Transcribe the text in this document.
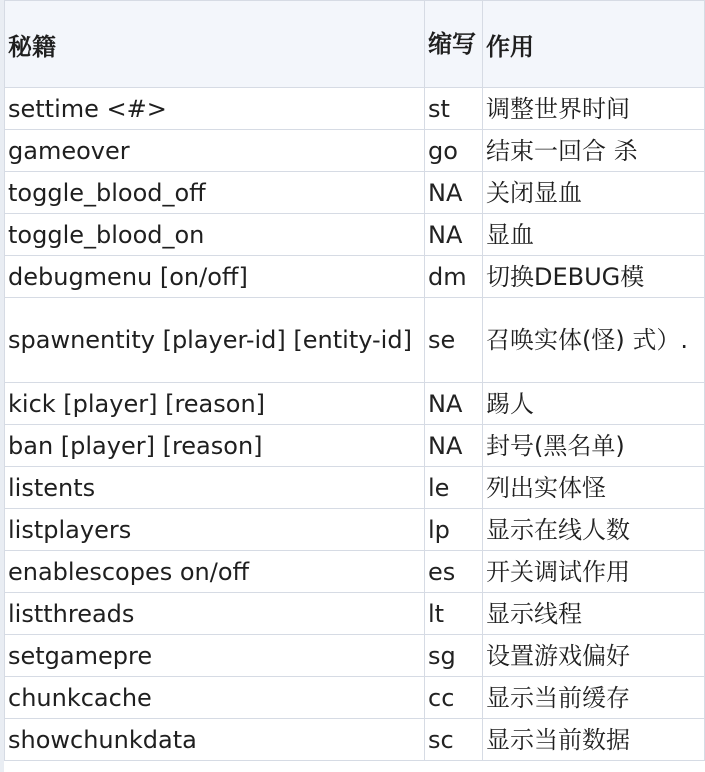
秘籍	缩写	作用
settime <#>	st	调整世界时间
gameover	go	结束一回合 杀
toggle_blood_off	NA	关闭显血
toggle_blood_on	NA	显血
debugmenu [on/off]	dm	切换DEBUG模
spawnentity [player-id] [entity-id]	se	召唤实体(怪) 式）.
kick [player] [reason]	NA	踢人
ban [player] [reason]	NA	封号(黑名单)
listents	le	列出实体怪
listplayers	lp	显示在线人数
enablescopes on/off	es	开关调试作用
listthreads	lt	显示线程
setgamepre	sg	设置游戏偏好
chunkcache	cc	显示当前缓存
showchunkdata	sc	显示当前数据
